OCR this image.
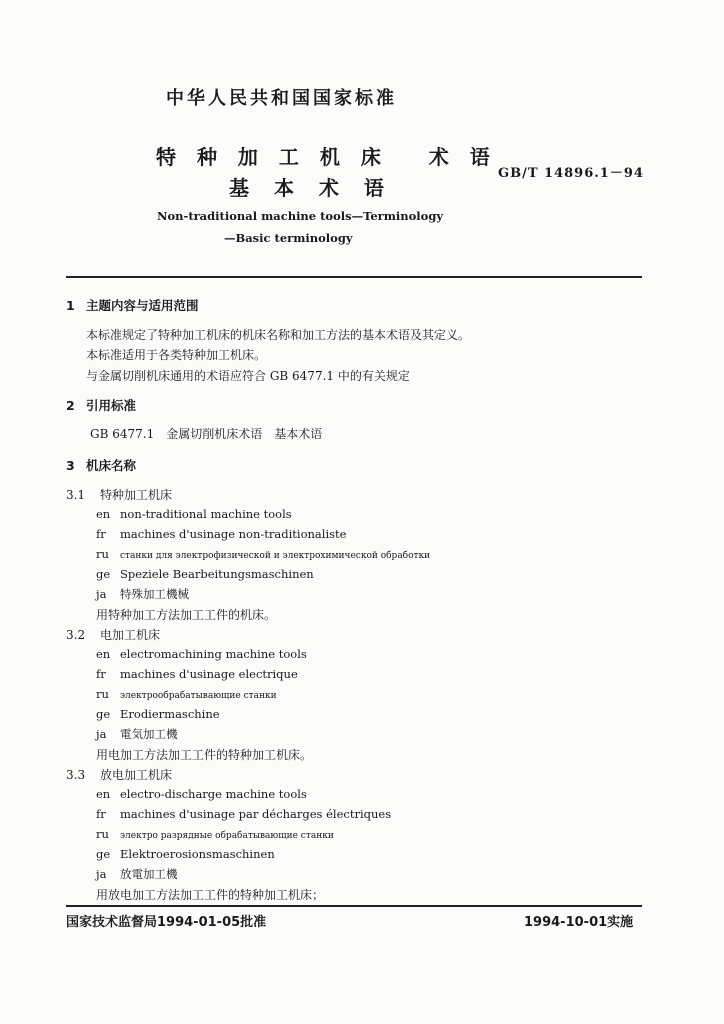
中华人民共和国国家标准
特 种 加 工 机 床　 术 语
基 本 术 语
GB/T 14896.1－94
Non-traditional machine tools—Terminology
—Basic terminology
1 主题内容与适用范围
本标准规定了特种加工机床的机床名称和加工方法的基本术语及其定义。
本标准适用于各类特种加工机床。
与金属切削机床通用的术语应符合 GB 6477.1 中的有关规定
2 引用标准
GB 6477.1　金属切削机床术语　基本术语
3 机床名称
3.1 特种加工机床
en non-traditional machine tools
fr machines d'usinage non-traditionaliste
ru станки для электрофизической и электрохимической обработки
ge Speziele Bearbeitungsmaschinen
ja 特殊加工機械
用特种加工方法加工工件的机床。
3.2 电加工机床
en electromachining machine tools
fr machines d'usinage electrique
ru электрообрабатывающие станки
ge Erodiermaschine
ja 電気加工機
用电加工方法加工工件的特种加工机床。
3.3 放电加工机床
en electro-discharge machine tools
fr machines d'usinage par décharges électriques
ru электро разрядные обрабатывающие станки
ge Elektroerosionsmaschinen
ja 放電加工機
用放电加工方法加工工件的特种加工机床；
国家技术监督局1994-01-05批准	1994-10-01实施
